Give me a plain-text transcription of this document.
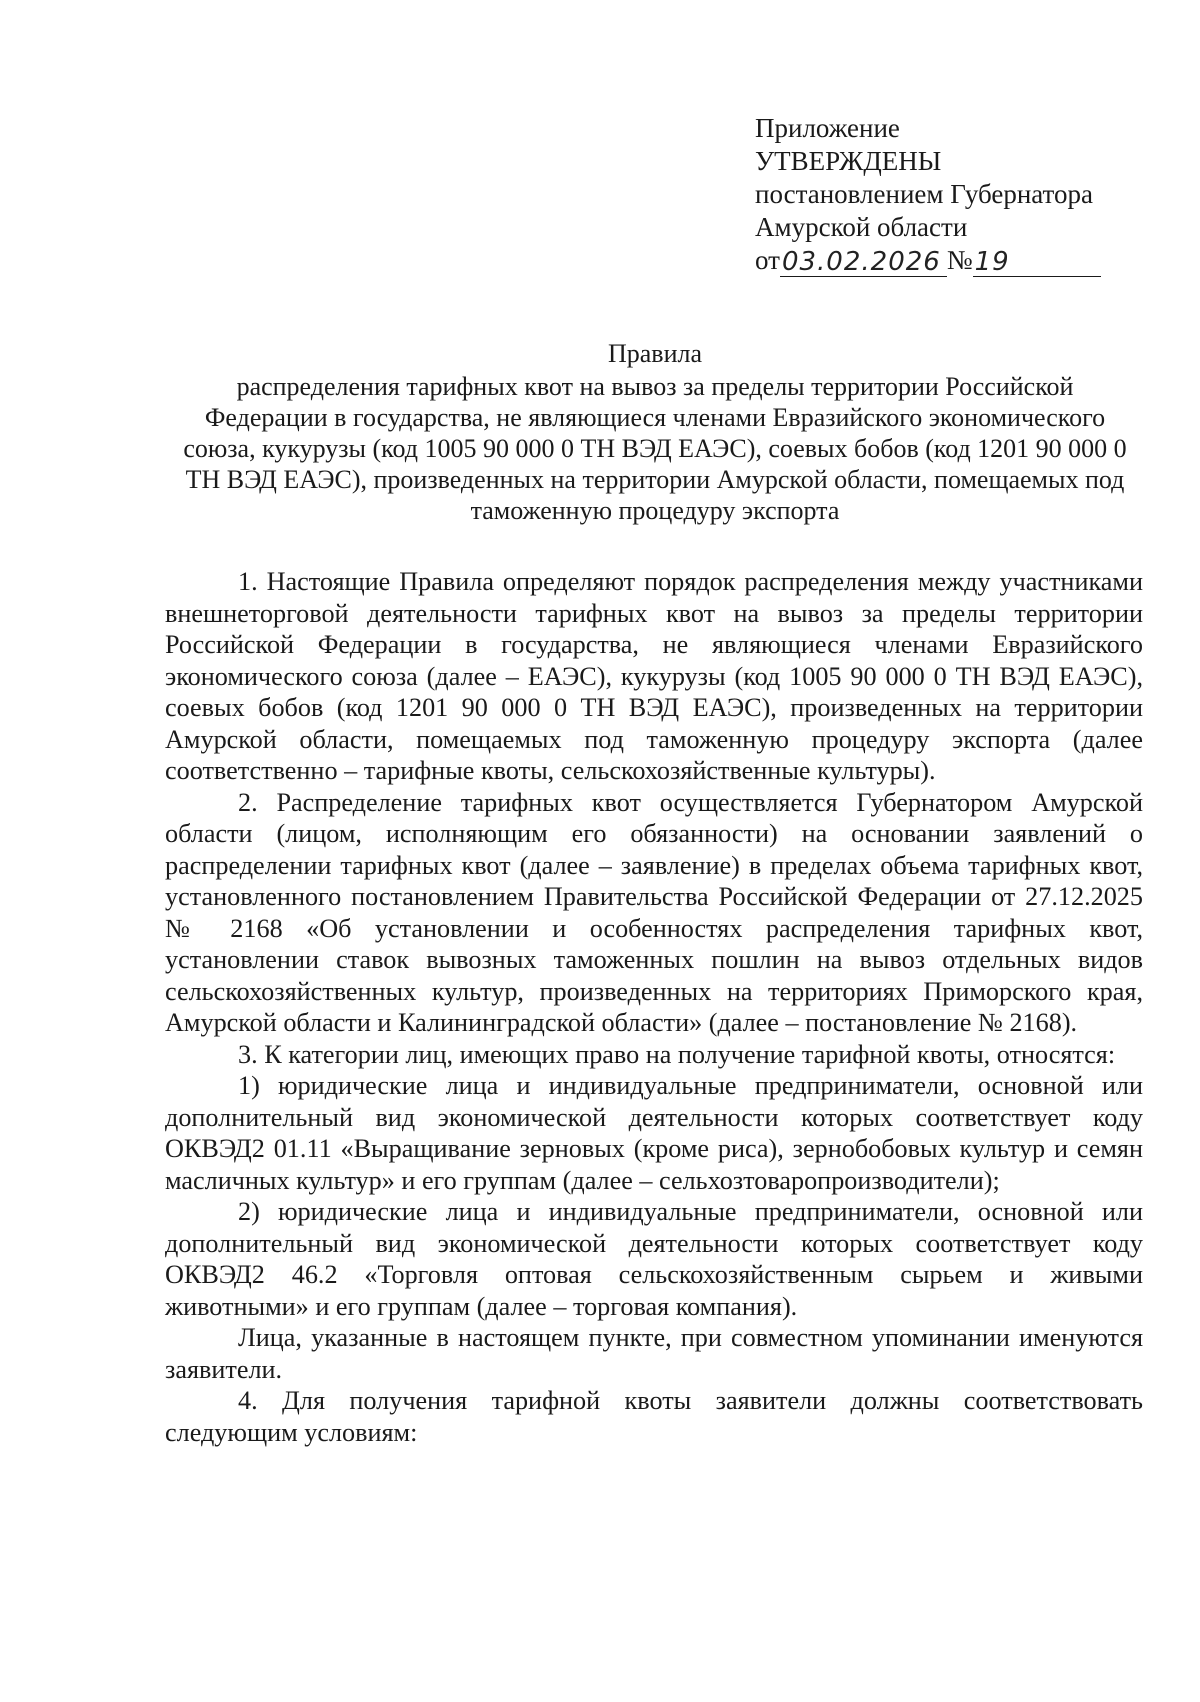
Приложение
УТВЕРЖДЕНЫ
постановлением Губернатора
Амурской области
от 03.02.2026 № 19
Правила
распределения тарифных квот на вывоз за пределы территории Российской Федерации в государства, не являющиеся членами Евразийского экономического союза, кукурузы (код 1005 90 000 0 ТН ВЭД ЕАЭС), соевых бобов (код 1201 90 000 0 ТН ВЭД ЕАЭС), произведенных на территории Амурской области, помещаемых под таможенную процедуру экспорта

1. Настоящие Правила определяют порядок распределения между участниками внешнеторговой деятельности тарифных квот на вывоз за пределы территории Российской Федерации в государства, не являющиеся членами Евразийского экономического союза (далее – ЕАЭС), кукурузы (код 1005 90 000 0 ТН ВЭД ЕАЭС), соевых бобов (код 1201 90 000 0 ТН ВЭД ЕАЭС), произведенных на территории Амурской области, помещаемых под таможенную процедуру экспорта (далее соответственно – тарифные квоты, сельскохозяйственные культуры).

2. Распределение тарифных квот осуществляется Губернатором Амурской области (лицом, исполняющим его обязанности) на основании заявлений о распределении тарифных квот (далее – заявление) в пределах объема тарифных квот, установленного постановлением Правительства Российской Федерации от 27.12.2025 № 2168 «Об установлении и особенностях распределения тарифных квот, установлении ставок вывозных таможенных пошлин на вывоз отдельных видов сельскохозяйственных культур, произведенных на территориях Приморского края, Амурской области и Калининградской области» (далее – постановление № 2168).

3. К категории лиц, имеющих право на получение тарифной квоты, относятся:

1) юридические лица и индивидуальные предприниматели, основной или дополнительный вид экономической деятельности которых соответствует коду ОКВЭД2 01.11 «Выращивание зерновых (кроме риса), зернобобовых культур и семян масличных культур» и его группам (далее – сельхозтоваропроизводители);

2) юридические лица и индивидуальные предприниматели, основной или дополнительный вид экономической деятельности которых соответствует коду ОКВЭД2 46.2 «Торговля оптовая сельскохозяйственным сырьем и живыми животными» и его группам (далее – торговая компания).

Лица, указанные в настоящем пункте, при совместном упоминании именуются заявители.

4. Для получения тарифной квоты заявители должны соответствовать следующим условиям:
